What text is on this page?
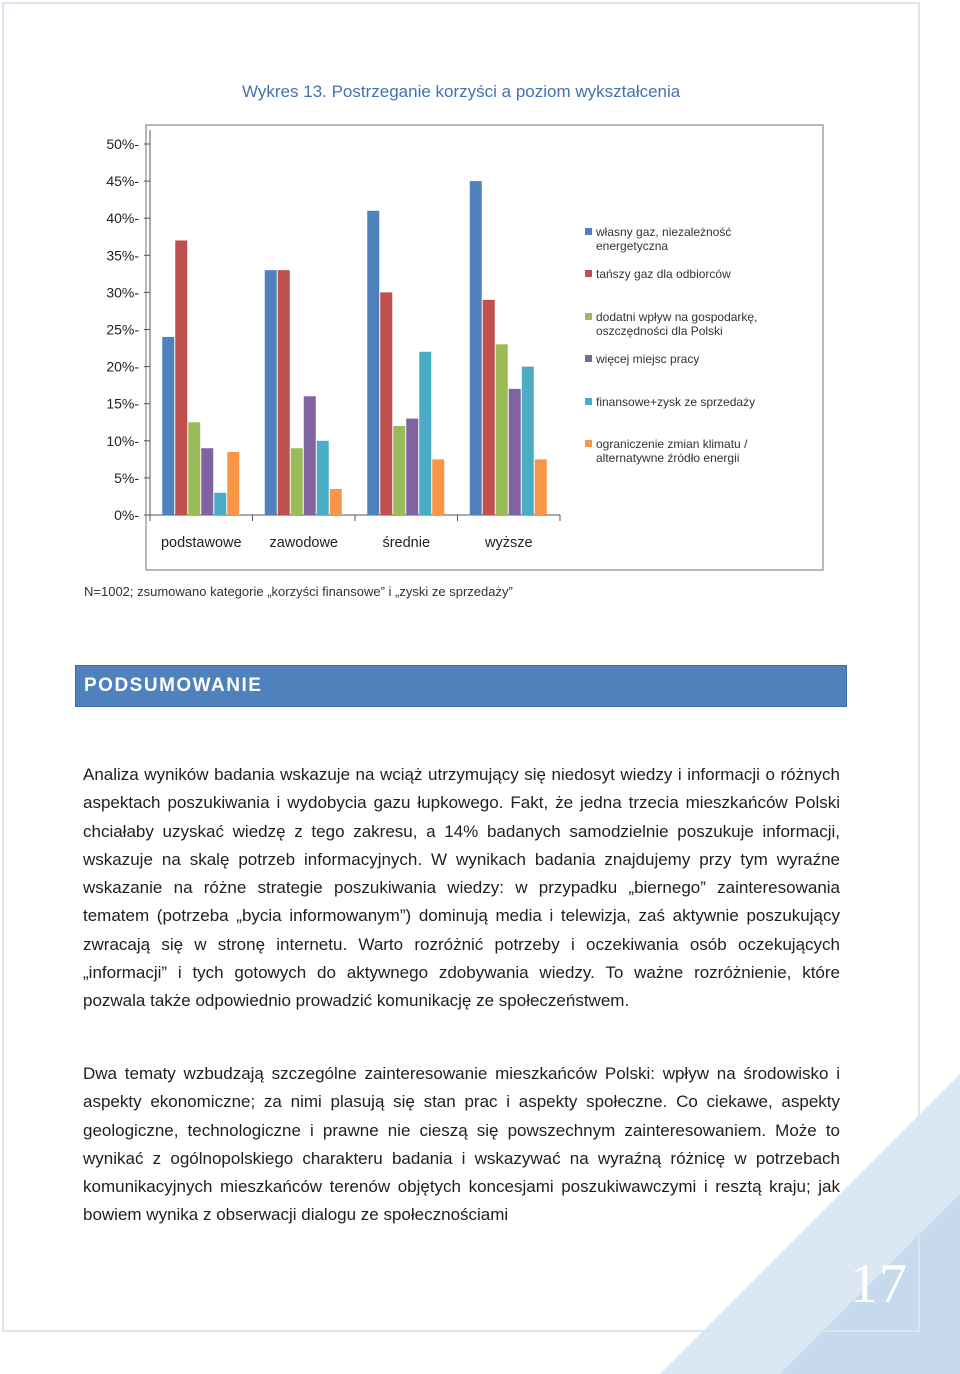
Wykres 13. Postrzeganie korzyści a poziom wykształcenia
50%-
45%-
40%-
35%-
30%-
25%-
20%-
15%-
10%-
5%-
0%-
podstawowe zawodowe	średnie	wyższe
własny gaz, niezależność energetyczna
tańszy gaz dla odbiorców
dodatni wpływ na gospodarkę, oszczędności dla Polski
więcej miejsc pracy
finansowe+zysk ze sprzedaży
ograniczenie zmian klimatu / alternatywne źródło energii
N=1002; zsumowano kategorie „korzyści finansowe” i „zyski ze sprzedaży”
PODSUMOWANIE

Analiza wyników badania wskazuje na wciąż utrzymujący się niedosyt wiedzy i informacji o różnych aspektach poszukiwania i wydobycia gazu łupkowego. Fakt, że jedna trzecia mieszkańców Polski chciałaby uzyskać wiedzę z tego zakresu, a 14% badanych samodzielnie poszukuje informacji, wskazuje na skalę potrzeb informacyjnych. W wynikach badania znajdujemy przy tym wyraźne wskazanie na różne strategie poszukiwania wiedzy: w przypadku „biernego” zainteresowania tematem (potrzeba „bycia informowanym”) dominują media i telewizja, zaś aktywnie poszukujący zwracają się w stronę internetu. Warto rozróżnić potrzeby i oczekiwania osób oczekujących „informacji” i tych gotowych do aktywnego zdobywania wiedzy. To ważne rozróżnienie, które pozwala także odpowiednio prowadzić komunikację ze społeczeństwem.

Dwa tematy wzbudzają szczególne zainteresowanie mieszkańców Polski: wpływ na środowisko i aspekty ekonomiczne; za nimi plasują się stan prac i aspekty społeczne. Co ciekawe, aspekty geologiczne, technologiczne i prawne nie cieszą się powszechnym zainteresowaniem. Może to wynikać z ogólnopolskiego charakteru badania i wskazywać na wyraźną różnicę w potrzebach komunikacyjnych mieszkańców terenów objętych koncesjami poszukiwawczymi i resztą kraju; jak bowiem wynika z obserwacji dialogu ze społecznościami

17
